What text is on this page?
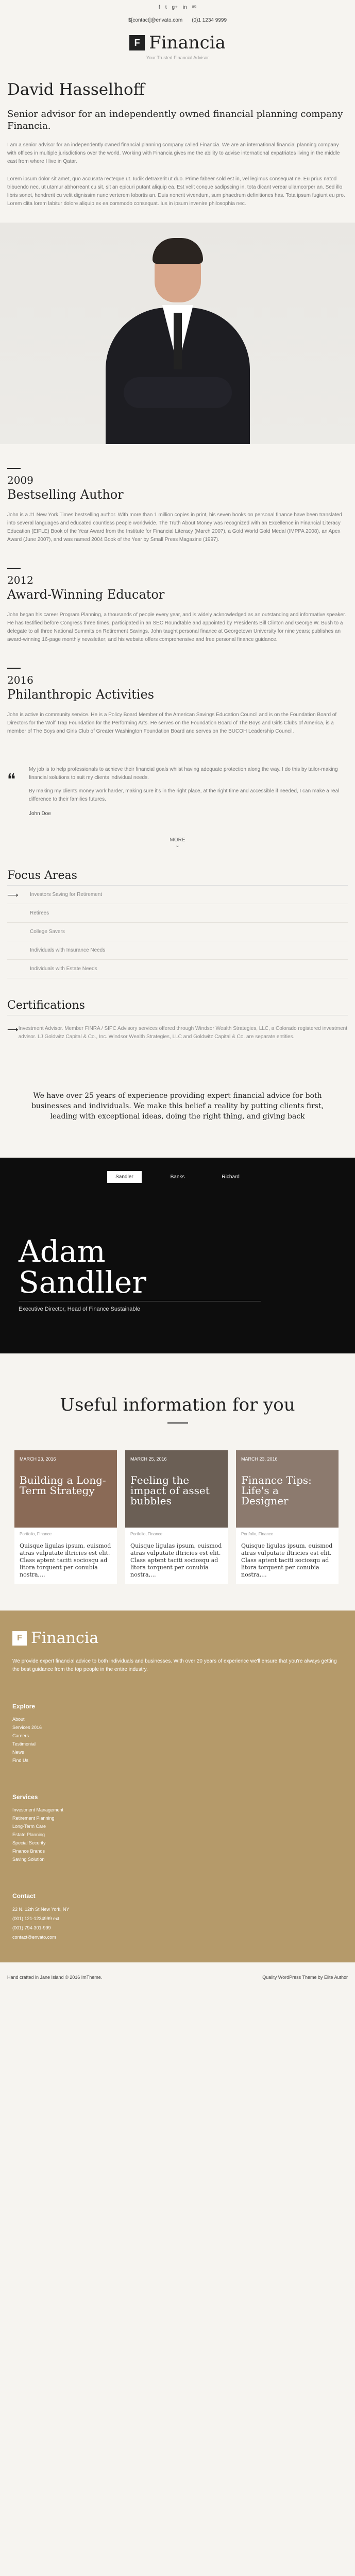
f t g+ in ✉
$[contact]@envato.com (0)1 1234 9999
F Financia
Your Trusted Financial Advisor
David Hasselhoff
Senior advisor for an independently owned financial planning company Financia.
I am a senior advisor for an independently owned financial planning company called Financia. We are an international financial planning company with offices in multiple jurisdictions over the world. Working with Financia gives me the ability to advise international expatriates living in the middle east from where I live in Qatar.
Lorem ipsum dolor sit amet, quo accusata recteque ut. Iudik detraxerit ut duo. Prime fabeer sold est in, vel legimus consequat ne. Eu prius natod tribuendo nec, ut utamur abhorreant cu sit, sit an epicuri putant aliquip ea. Est velit conque sadipscing in, tota dicant verear ullamcorper an. Sed illo libris sonet, hendrerit cu velit dignissim nunc verterem lobortis an. Duis noncrit vivendum, sum phaedrum definitiones has. Tota ipsum fugiunt eu pro. Lorem clita lorem labitur dolore aliquip ex ea commodo consequat. Ius in ipsum invenire philosophia nec.
2009
Bestselling Author
John is a #1 New York Times bestselling author. With more than 1 million copies in print, his seven books on personal finance have been translated into several languages and educated countless people worldwide. The Truth About Money was recognized with an Excellence in Financial Literacy Education (EIFLE) Book of the Year Award from the Institute for Financial Literacy (March 2007), a Gold World Gold Medal (IMPPA 2008), an Apex Award (June 2007), and was named 2004 Book of the Year by Small Press Magazine (1997).
2012
Award-Winning Educator
John began his career Program Planning, a thousands of people every year, and is widely acknowledged as an outstanding and informative speaker. He has testified before Congress three times, participated in an SEC Roundtable and appointed by Presidents Bill Clinton and George W. Bush to a delegate to all three National Summits on Retirement Savings. John taught personal finance at Georgetown University for nine years; publishes an award-winning 16-page monthly newsletter; and his website offers comprehensive and free personal finance guidance.
2016
Philanthropic Activities
John is active in community service. He is a Policy Board Member of the American Savings Education Council and is on the Foundation Board of Directors for the Wolf Trap Foundation for the Performing Arts. He serves on the Foundation Board of The Boys and Girls Clubs of America, is a member of The Boys and Girls Club of Greater Washington Foundation Board and serves on the BUCOH Leadership Council.
❝
My job is to help professionals to achieve their financial goals whilst having adequate protection along the way. I do this by tailor-making financial solutions to suit my clients individual needs.
By making my clients money work harder, making sure it's in the right place, at the right time and accessible if needed, I can make a real difference to their families futures.
John Doe
MORE
⌄
Focus Areas
⟶	Investors Saving for Retirement
Retirees
College Savers
Individuals with Insurance Needs
Individuals with Estate Needs
Certifications
⟶ Investment Advisor. Member FINRA / SIPC Advisory services offered through Windsor Wealth Strategies, LLC, a Colorado registered investment advisor. LJ Goldwitz Capital & Co., Inc. Windsor Wealth Strategies, LLC and Goldwitz Capital & Co. are separate entities.
We have over 25 years of experience providing expert financial advice for both businesses and individuals. We make this belief a reality by putting clients first, leading with exceptional ideas, doing the right thing, and giving back
Sandler	Banks	Richard
Adam Sandller
Executive Director, Head of Finance Sustainable
Useful information for you
MARCH 23, 2016
Building a Long-Term Strategy
Portfolio, Finance
Quisque ligulas ipsum, euismod atras vulputate iltricies est elit. Class aptent taciti sociosqu ad litora torquent per conubia nostra,...
MARCH 25, 2016
Feeling the impact of asset bubbles
Portfolio, Finance
Quisque ligulas ipsum, euismod atras vulputate iltricies est elit. Class aptent taciti sociosqu ad litora torquent per conubia nostra,...
MARCH 23, 2016
Finance Tips: Life's a Designer
Portfolio, Finance
Quisque ligulas ipsum, euismod atras vulputate iltricies est elit. Class aptent taciti sociosqu ad litora torquent per conubia nostra,...
F Financia
We provide expert financial advice to both individuals and businesses. With over 20 years of experience we'll ensure that you're always getting the best guidance from the top people in the entire industry.
Explore
About
Services 2016
Careers
Testimonial
News
Find Us
Services
Investment Management
Retirement Planning
Long-Term Care
Estate Planning
Special Security
Finance Brands
Saving Solution
Contact
22 N. 12th St New York, NY
(001) 121-1234999 ext
(001) 794-301-999
contact@envato.com
Hand crafted in Jane Island © 2016 ImTheme.	Quality WordPress Theme by Elite Author
